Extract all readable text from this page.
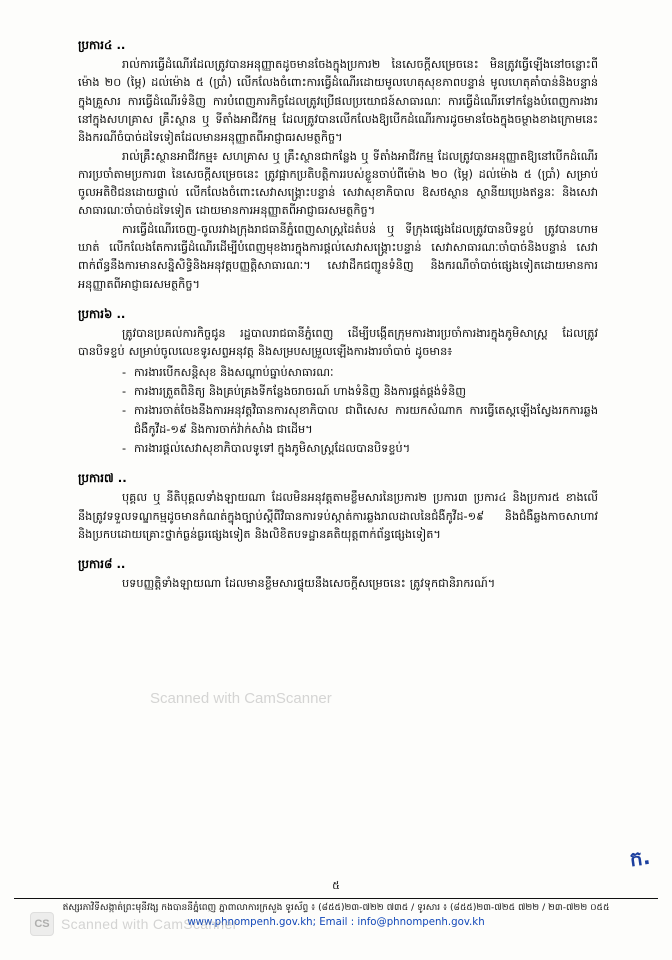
ប្រការ៤ ..

រាល់ការធ្វើដំណើរដែលត្រូវបានអនុញ្ញាតដូចមានចែងក្នុងប្រការ២ នៃសេចក្ដីសម្រេចនេះ មិនត្រូវធ្វើឡើងនៅចន្លោះពីម៉ោង ២០ (ម្ភៃ) ដល់ម៉ោង ៥ (ប្រាំ) លើកលែងចំពោះការធ្វើដំណើរដោយមូលហេតុសុខភាពបន្ទាន់ មូលហេតុគាំបាន់និងបន្ទាន់ក្នុងគ្រួសារ ការធ្វើដំណើរទំនិញ ការបំពេញភារកិច្ចដែលត្រូវប្រើផលប្រយោជន៍សាធារណៈ ការធ្វើដំណើរទៅកន្លែងបំពេញការងារនៅក្នុងសហគ្រាស គ្រឹះស្ថាន ឬ ទីតាំងអាជីវកម្ម ដែលត្រូវបានលើកលែងឱ្យបើកដំណើរការដូចមានចែងក្នុងចម្ថាងខាងក្រោមនេះ និងករណីចំបាច់ដទៃទៀតដែលមានអនុញ្ញាតពីអាជ្ញាធរសមត្ថកិច្ច។

រាល់គ្រឹះស្ថានអាជីវកម្ម៖ សហគ្រាស ឬ គ្រឹះស្ថានជាកន្លែង ឬ ទីតាំងអាជីវកម្ម ដែលត្រូវបានអនុញ្ញាតឱ្យនៅបើកដំណើរការប្រចាំតាមប្រការ៣ នៃសេចក្ដីសម្រេចនេះ ត្រូវផ្អាកប្រតិបត្តិការរបស់ខ្លួនចាប់ពីម៉ោង ២០ (ម្ភៃ) ដល់ម៉ោង ៥ (ប្រាំ) សម្រាប់ចូលអតិថិជនដោយផ្ទាល់ លើកលែងចំពោះសេវាសង្គ្រោះបន្ទាន់ សេវាសុខាភិបាល ឱសថស្ថាន ស្ថានីយប្រេងឥន្ធនៈ និងសេវាសាធារណៈចាំបាច់ដទៃទៀត ដោយមានការអនុញ្ញាតពីអាជ្ញាធរសមត្ថកិច្ច។

ការធ្វើដំណើរចេញ-ចូលរវាងក្រុងរាជធានីភ្នំពេញសាស្រ្តដៃតំបន់ ឬ ទីក្រុងផ្សេងដែលត្រូវបានបិទខ្ទប់ ត្រូវបានហាមឃាត់ លើកលែងតែការធ្វើដំណើរដើម្បីបំពេញមុខងារក្នុងការផ្ដល់សេវាសង្គ្រោះបន្ទាន់ សេវាសាធារណៈចាំបាច់និងបន្ទាន់ សេវាពាក់ព័ន្ធនឹងការមានសន្និសិទ្ធិនិងអនុវត្តបញ្ញត្តិសាធារណៈ។ សេវាដឹកជញ្ជូនទំនិញ និងករណីចាំបាច់ផ្សេងទៀតដោយមានការអនុញ្ញាតពីអាជ្ញាធរសមត្ថកិច្ច។

ប្រការ៦ ..

ត្រូវបានប្រគល់ការកិច្ចជូន រដ្ឋបាលរាជធានីភ្នំពេញ ដើម្បីបង្កើតក្រុមការងារប្រចាំការងារក្នុងភូមិសាស្ត្រ ដែលត្រូវបានបិទខ្ទប់ សម្រាប់ចូលលេខទូរសព្ទអនុវត្ត និងសម្របសម្រួលឡើងការងារចាំបាច់ ដូចមាន៖

- ការងារបើកសន្តិសុខ និងសណ្ដាប់ធ្នាប់សាធារណៈ
- ការងារត្រួតពិនិត្យ និងគ្រប់គ្រងទីកន្លែងចរាចរណ៍ ហាងទំនិញ និងការផ្គត់ផ្គង់ទំនិញ
- ការងារចាត់ចែងនឹងការអនុវត្តវិធានការសុខាភិបាល ជាពិសេស ការយកសំណាក ការធ្វើតេស្តឡើងស្វែងរកការឆ្លងជំងឺកូវីដ-១៩ និងការចាក់វ៉ាក់សាំង ជាដើម។
- ការងារផ្ដល់សេវាសុខាភិបាលទូទៅ ក្នុងភូមិសាស្ត្រដែលបានបិទខ្ទប់។
ប្រការ៧ ..

បុគ្គល ឬ នីតិបុគ្គលទាំងឡាយណា ដែលមិនអនុវត្តតាមខ្លឹមសារនៃប្រការ២ ប្រការ៣ ប្រការ៤ និងប្រការ៥ ខាងលើ នឹងត្រូវទទួលទណ្ឌកម្មដូចមានកំណត់ក្នុងច្បាប់ស្ដីពីវិធានការទប់ស្កាត់ការឆ្លងរាលដាលនៃជំងឺកូវីដ-១៩ និងជំងឺឆ្លងកាចសាហាវ និងប្រកបដោយគ្រោះថ្នាក់ធ្ងន់ធ្ងរផ្សេងទៀត និងលិខិតបទដ្ឋានគតិយុត្តពាក់ព័ន្ធផ្សេងទៀត។

ប្រការ៨ ..

បទបញ្ញត្តិទាំងឡាយណា ដែលមានខ្លឹមសារផ្ទុយនឹងសេចក្ដីសម្រេចនេះ ត្រូវទុកជានិរាករណ៍។

ក.
៥
Scanned with CamScanner
ឥស្សរភាវិទីសង្កាត់ព្រះមុនីវង្ស កងបាននីភ្នំពេញ ភ្នាពាលាការក្រសួង ទូរស័ព្ទ ៖ (៨៥៥)២៣-៧២២ ៧៣៥ / ទូរសារ ៖ (៨៥៥)២៣-៧២៥ ៧២២ / ២៣-៧២២ ០៥៥
www.phnompenh.gov.kh; Email : info@phnompenh.gov.kh
CS Scanned with CamScanner
